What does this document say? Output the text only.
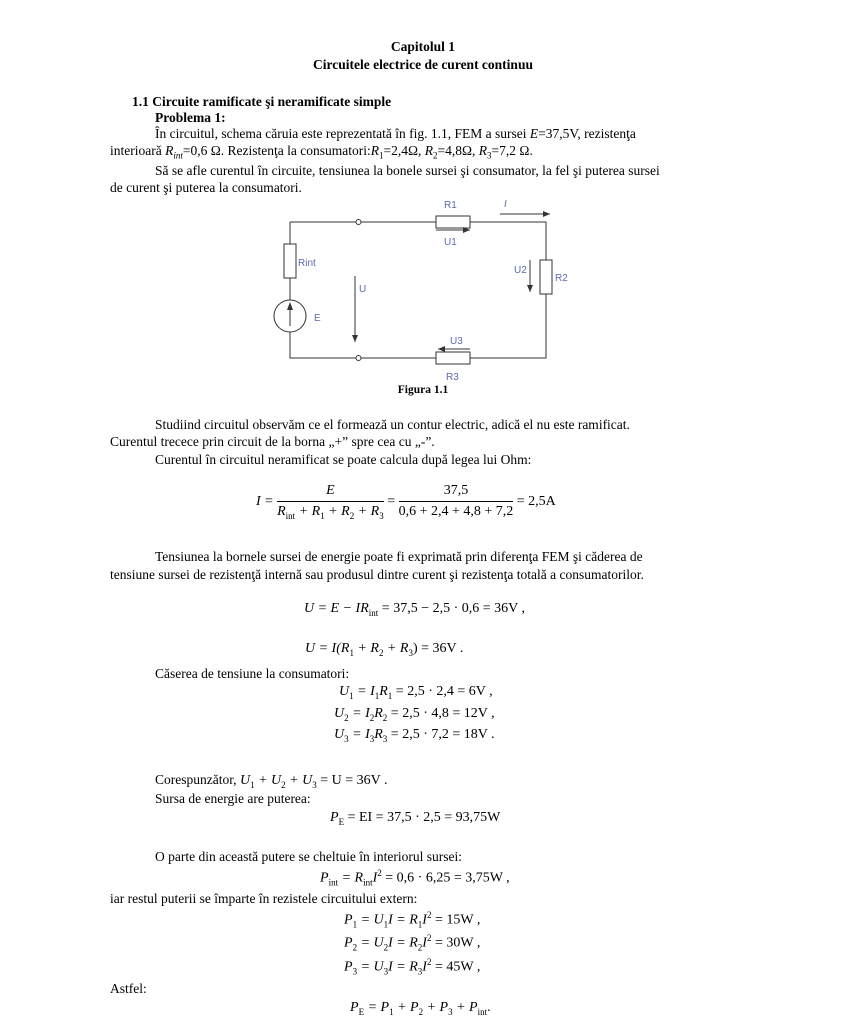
Capitolul 1
Circuitele electrice de curent continuu
1.1 Circuite ramificate şi neramificate simple
Problema 1:
În circuitul, schema căruia este reprezentată în fig. 1.1, FEM a sursei E=37,5V, rezistenţa
interioară $R_{int}=0,6$ Ω. Rezistenţa la $consumatori:R_1=2,4\Omega$, $R_2=4,8\Omega$, $R_3=7,2$ Ω.
Să se afle curentul în circuite, tensiunea la bonele sursei şi consumator, la fel şi puterea sursei
de curent şi puterea la consumatori.
R1	I
U1
Rint
U
U2
R2
E
U3
R3
Figura 1.1
Studiind circuitul observăm ce el formează un contur electric, adică el nu este ramificat.
Curentul trecece prin circuit de la borna „+” spre cea cu „-”.
Curentul în circuitul neramificat se poate calcula după legea lui Ohm:
$I = \frac{E}{R_{int} + R_1 + R_2 + R_3} = \frac{37,5}{0,6 + 2,4 + 4,8 + 7,2} = 2,5A$
Tensiunea la bornele sursei de energie poate fi exprimată prin diferenţa FEM şi căderea de
tensiune sursei de rezistenţă internă sau produsul dintre curent şi rezistenţa totală a consumatorilor.
$U = E - IR_{int} = 37,5 - 2,5 \cdot 0,6 = 36V$ ,
$U = I(R_1 + R_2 + R_3) = 36V$ .
Căserea de tensiune la consumatori:
$U_1 = I_1R_1 = 2,5 \cdot 2,4 = 6V$ ,
$U_2 = I_2R_2 = 2,5 \cdot 4,8 = 12V$ ,
$U_3 = I_3R_3 = 2,5 \cdot 7,2 = 18V$ .
Corespunzător, $U_1 + U_2 + U_3 = U = 36V$ .
Sursa de energie are puterea:
$P_E$ = EI = 37,5 · 2,5 = 93,75W
O parte din această putere se cheltuie în interiorul sursei:
$P_{int} = R_{int}I^2 = 0,6 \cdot 6,25 = 3,75W$ ,
iar restul puterii se împarte în rezistele circuitului extern:
$P_1 = U_1I = R_1I^2 = 15W$ ,
$P_2 = U_2I = R_2I^2 = 30W$ ,
$P_3 = U_3I = R_3I^2 = 45W$ ,
Astfel:
$P_E = P_1 + P_2 + P_3 + P_{int}$.
